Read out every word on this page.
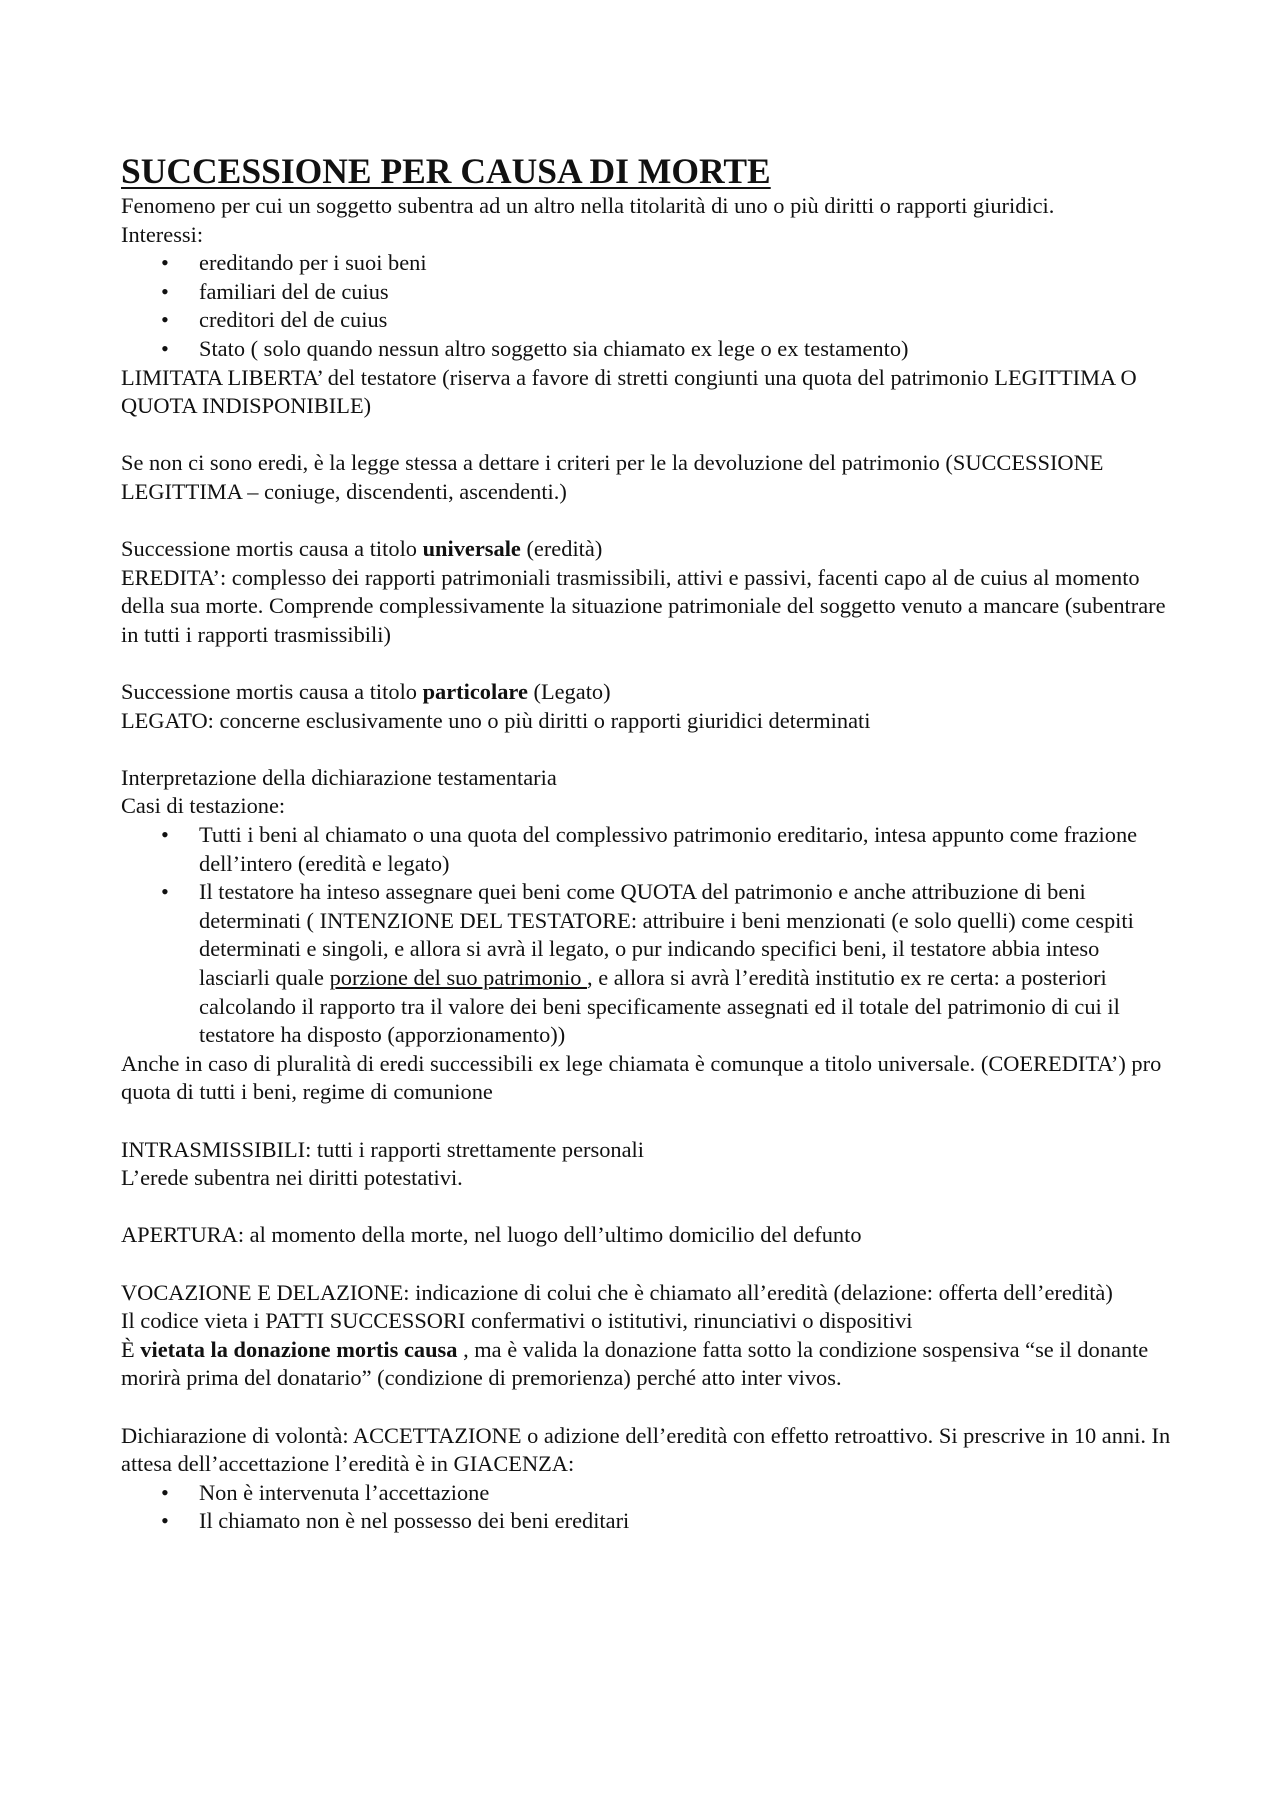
SUCCESSIONE PER CAUSA DI MORTE

Fenomeno per cui un soggetto subentra ad un altro nella titolarità di uno o più diritti o rapporti giuridici.

Interessi:

• ereditando per i suoi beni
• familiari del de cuius
• creditori del de cuius
• Stato ( solo quando nessun altro soggetto sia chiamato ex lege o ex testamento)

LIMITATA LIBERTA’ del testatore (riserva a favore di stretti congiunti una quota del patrimonio LEGITTIMA O QUOTA INDISPONIBILE)

Se non ci sono eredi, è la legge stessa a dettare i criteri per le la devoluzione del patrimonio (SUCCESSIONE LEGITTIMA – coniuge, discendenti, ascendenti.)

Successione mortis causa a titolo universale (eredità)

EREDITA’: complesso dei rapporti patrimoniali trasmissibili, attivi e passivi, facenti capo al de cuius al momento della sua morte. Comprende complessivamente la situazione patrimoniale del soggetto venuto a mancare (subentrare in tutti i rapporti trasmissibili)

Successione mortis causa a titolo particolare (Legato)

LEGATO: concerne esclusivamente uno o più diritti o rapporti giuridici determinati

Interpretazione della dichiarazione testamentaria

Casi di testazione:

• Tutti i beni al chiamato o una quota del complessivo patrimonio ereditario, intesa appunto come frazione dell’intero (eredità e legato)
• Il testatore ha inteso assegnare quei beni come QUOTA del patrimonio e anche attribuzione di beni determinati ( INTENZIONE DEL TESTATORE: attribuire i beni menzionati (e solo quelli) come cespiti determinati e singoli, e allora si avrà il legato, o pur indicando specifici beni, il testatore abbia inteso lasciarli quale porzione del suo patrimonio , e allora si avrà l’eredità institutio ex re certa: a posteriori calcolando il rapporto tra il valore dei beni specificamente assegnati ed il totale del patrimonio di cui il testatore ha disposto (apporzionamento))

Anche in caso di pluralità di eredi successibili ex lege chiamata è comunque a titolo universale. (COEREDITA’) pro quota di tutti i beni, regime di comunione

INTRASMISSIBILI: tutti i rapporti strettamente personali

L’erede subentra nei diritti potestativi.

APERTURA: al momento della morte, nel luogo dell’ultimo domicilio del defunto

VOCAZIONE E DELAZIONE: indicazione di colui che è chiamato all’eredità (delazione: offerta dell’eredità)

Il codice vieta i PATTI SUCCESSORI confermativi o istitutivi, rinunciativi o dispositivi

È vietata la donazione mortis causa , ma è valida la donazione fatta sotto la condizione sospensiva “se il donante morirà prima del donatario” (condizione di premorienza) perché atto inter vivos.

Dichiarazione di volontà: ACCETTAZIONE o adizione dell’eredità con effetto retroattivo. Si prescrive in 10 anni. In attesa dell’accettazione l’eredità è in GIACENZA:

• Non è intervenuta l’accettazione
• Il chiamato non è nel possesso dei beni ereditari
